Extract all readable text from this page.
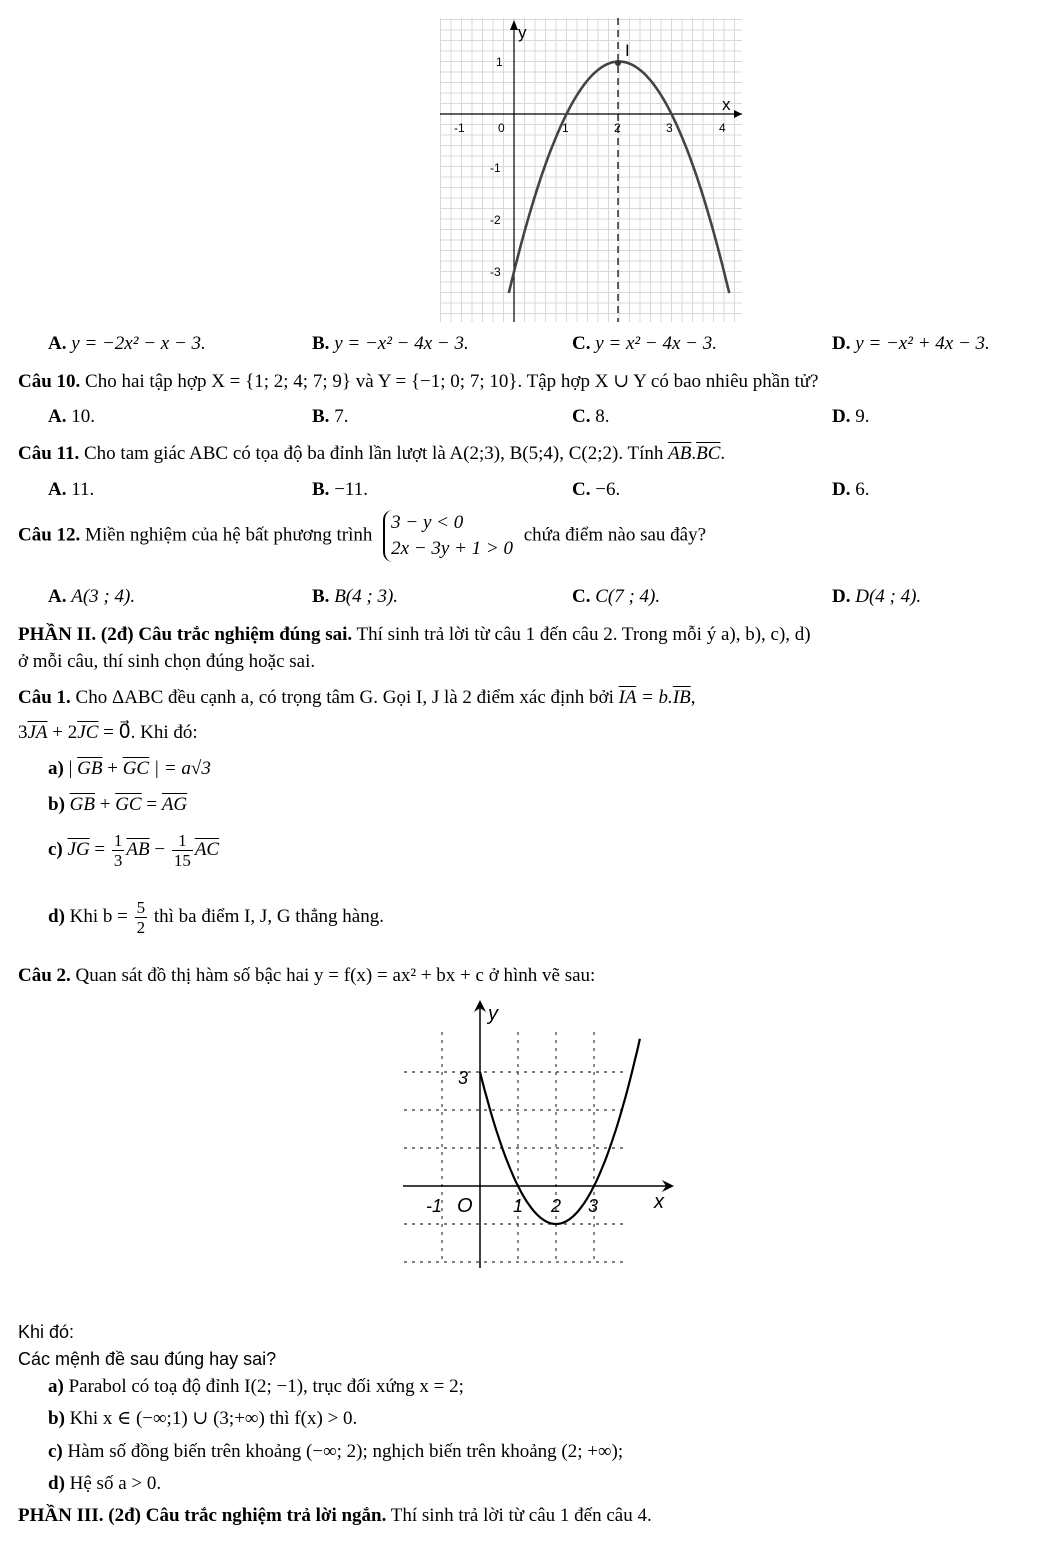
y
x
I
-1	0	1	2	3	4
1
-1
-2
-3
A. y = −2x² − x − 3.	B. y = −x² − 4x − 3.	C. y = x² − 4x − 3.	D. y = −x² + 4x − 3.
Câu 10. Cho hai tập hợp X = {1; 2; 4; 7; 9} và Y = {−1; 0; 7; 10}. Tập hợp X ∪ Y có bao nhiêu phần tử?
A. 10.	B. 7.	C. 8.	D. 9.
Câu 11. Cho tam giác ABC có tọa độ ba đỉnh lần lượt là A(2;3), B(5;4), C(2;2). Tính $\overline{AB}.\overline{BC}$.
A. 11.	B. −11.	C. −6.	D. 6.
Câu 12. Miền nghiệm của hệ bất phương trình 3 − y < 0
2x − 3y + 1 > 0 chứa điểm nào sau đây?
A. A(3 ; 4).	B. B(4 ; 3).	C. C(7 ; 4).	D. D(4 ; 4).
PHẦN II. (2đ) Câu trắc nghiệm đúng sai. Thí sinh trả lời từ câu 1 đến câu 2. Trong mỗi ý a), b), c), d)
ở mỗi câu, thí sinh chọn đúng hoặc sai.
Câu 1. Cho ΔABC đều cạnh a, có trọng tâm G. Gọi I, J là 2 điểm xác định bởi $\overline{IA} = b.\overline{IB}$,
$3\overline{JA} + 2\overline{JC}$ = 0⃗. Khi đó:
a) | $\overline{GB} + \overline{GC}$ | = a√3
b) $\overline{GB} + \overline{GC} = \overline{AG}$
c) $\overline{JG} = \frac{1}{3} \overline{AB} - \frac{1}{15} \overline{AC}$
d) Khi $b = \frac{5}{2}$ thì ba điểm I, J, G thẳng hàng.
Câu 2. Quan sát đồ thị hàm số bậc hai y = f(x) = ax² + bx + c ở hình vẽ sau:
y
x
O
-1	1 2 3
3
Khi đó:
Các mệnh đề sau đúng hay sai?
a) Parabol có toạ độ đỉnh I(2; −1), trục đối xứng x = 2;
b) Khi x ∈ (−∞;1) ∪ (3;+∞) thì f(x) > 0.
c) Hàm số đồng biến trên khoảng (−∞; 2); nghịch biến trên khoảng (2; +∞);
d) Hệ số a > 0.
PHẦN III. (2đ) Câu trắc nghiệm trả lời ngắn. Thí sinh trả lời từ câu 1 đến câu 4.
